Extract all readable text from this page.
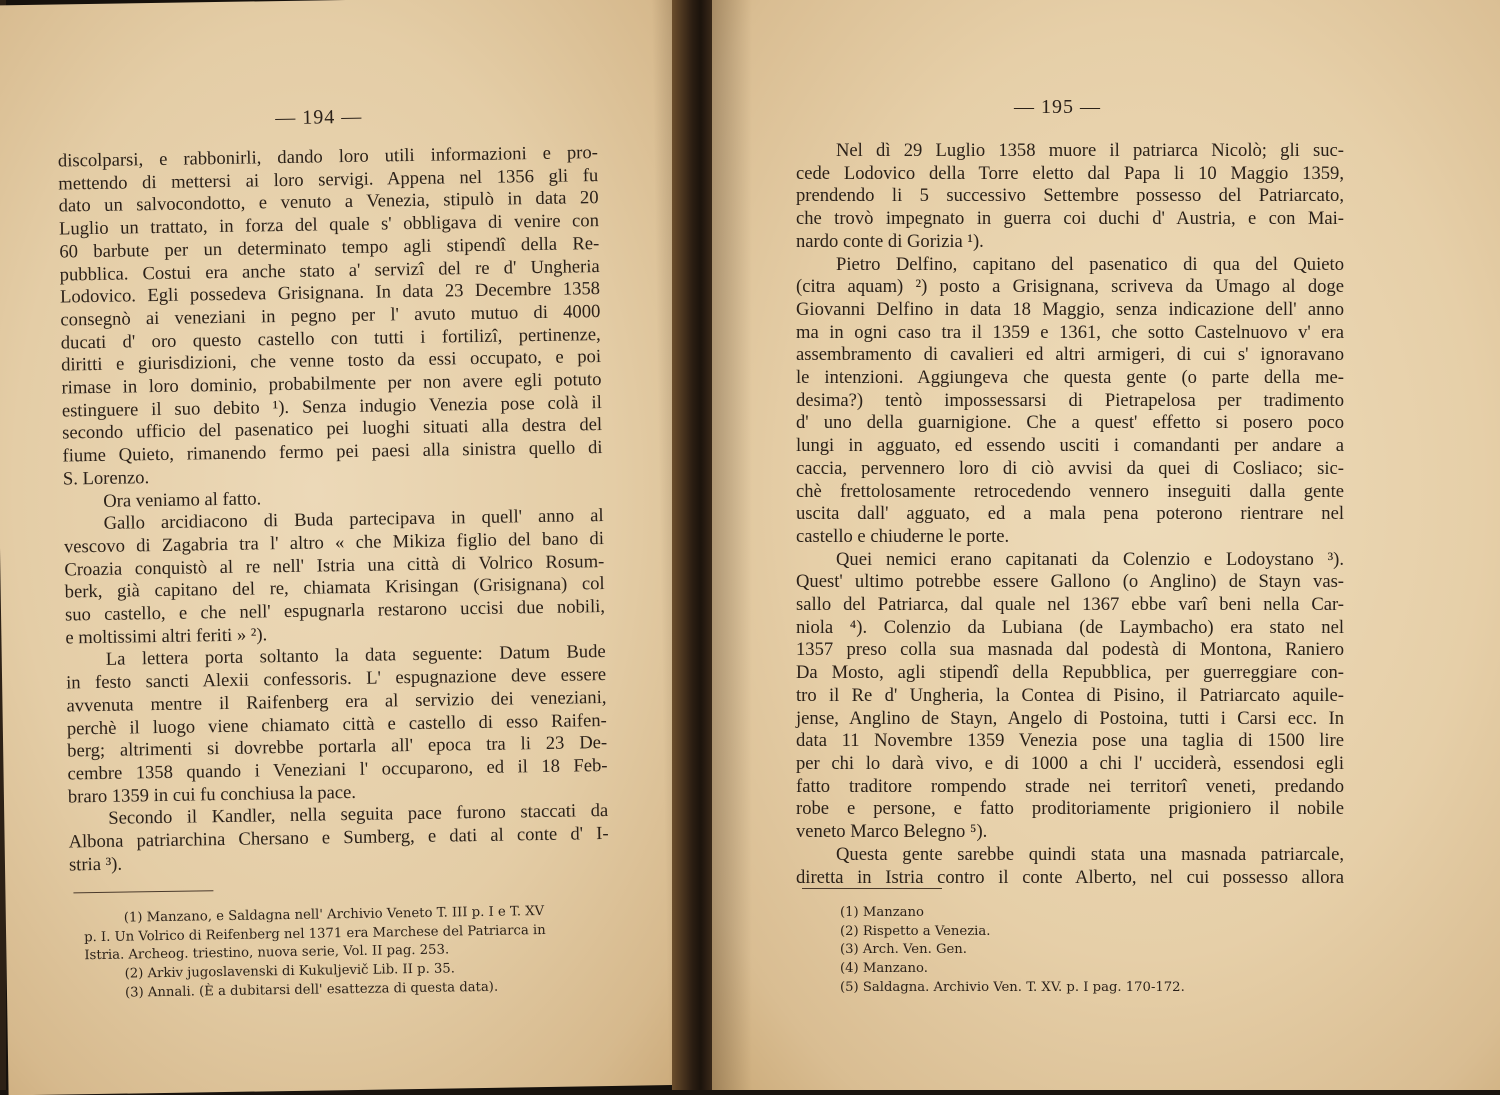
— 194 —
discolparsi, e rabbonirli, dando loro utili informazioni e pro-
mettendo di mettersi ai loro servigi. Appena nel 1356 gli fu
dato un salvocondotto, e venuto a Venezia, stipulò in data 20
Luglio un trattato, in forza del quale s' obbligava di venire con
60 barbute per un determinato tempo agli stipendî della Re-
pubblica. Costui era anche stato a' servizî del re d' Ungheria
Lodovico. Egli possedeva Grisignana. In data 23 Decembre 1358
consegnò ai veneziani in pegno per l' avuto mutuo di 4000
ducati d' oro questo castello con tutti i fortilizî, pertinenze,
diritti e giurisdizioni, che venne tosto da essi occupato, e poi
rimase in loro dominio, probabilmente per non avere egli potuto
estinguere il suo debito ¹). Senza indugio Venezia pose colà il
secondo ufficio del pasenatico pei luoghi situati alla destra del
fiume Quieto, rimanendo fermo pei paesi alla sinistra quello di
S. Lorenzo.
Ora veniamo al fatto.
Gallo arcidiacono di Buda partecipava in quell' anno al
vescovo di Zagabria tra l' altro « che Mikiza figlio del bano di
Croazia conquistò al re nell' Istria una città di Volrico Rosum-
berk, già capitano del re, chiamata Krisingan (Grisignana) col
suo castello, e che nell' espugnarla restarono uccisi due nobili,
e moltissimi altri feriti » ²).
La lettera porta soltanto la data seguente: Datum Bude
in festo sancti Alexii confessoris. L' espugnazione deve essere
avvenuta mentre il Raifenberg era al servizio dei veneziani,
perchè il luogo viene chiamato città e castello di esso Raifen-
berg; altrimenti si dovrebbe portarla all' epoca tra li 23 De-
cembre 1358 quando i Veneziani l' occuparono, ed il 18 Feb-
braro 1359 in cui fu conchiusa la pace.
Secondo il Kandler, nella seguita pace furono staccati da
Albona patriarchina Chersano e Sumberg, e dati al conte d' I-
stria ³).
(1) Manzano, e Saldagna nell' Archivio Veneto T. III p. I e T. XV
p. I. Un Volrico di Reifenberg nel 1371 era Marchese del Patriarca in
Istria. Archeog. triestino, nuova serie, Vol. II pag. 253.
(2) Arkiv jugoslavenski di Kukuljevič Lib. II p. 35.
(3) Annali. (È a dubitarsi dell' esattezza di questa data).
— 195 —
Nel dì 29 Luglio 1358 muore il patriarca Nicolò; gli suc-
cede Lodovico della Torre eletto dal Papa li 10 Maggio 1359,
prendendo li 5 successivo Settembre possesso del Patriarcato,
che trovò impegnato in guerra coi duchi d' Austria, e con Mai-
nardo conte di Gorizia ¹).
Pietro Delfino, capitano del pasenatico di qua del Quieto
(citra aquam) ²) posto a Grisignana, scriveva da Umago al doge
Giovanni Delfino in data 18 Maggio, senza indicazione dell' anno
ma in ogni caso tra il 1359 e 1361, che sotto Castelnuovo v' era
assembramento di cavalieri ed altri armigeri, di cui s' ignoravano
le intenzioni. Aggiungeva che questa gente (o parte della me-
desima?) tentò impossessarsi di Pietrapelosa per tradimento
d' uno della guarnigione. Che a quest' effetto si posero poco
lungi in agguato, ed essendo usciti i comandanti per andare a
caccia, pervennero loro di ciò avvisi da quei di Cosliaco; sic-
chè frettolosamente retrocedendo vennero inseguiti dalla gente
uscita dall' agguato, ed a mala pena poterono rientrare nel
castello e chiuderne le porte.
Quei nemici erano capitanati da Colenzio e Lodoystano ³).
Quest' ultimo potrebbe essere Gallono (o Anglino) de Stayn vas-
sallo del Patriarca, dal quale nel 1367 ebbe varî beni nella Car-
niola ⁴). Colenzio da Lubiana (de Laymbacho) era stato nel
1357 preso colla sua masnada dal podestà di Montona, Raniero
Da Mosto, agli stipendî della Repubblica, per guerreggiare con-
tro il Re d' Ungheria, la Contea di Pisino, il Patriarcato aquile-
jense, Anglino de Stayn, Angelo di Postoina, tutti i Carsi ecc. In
data 11 Novembre 1359 Venezia pose una taglia di 1500 lire
per chi lo darà vivo, e di 1000 a chi l' ucciderà, essendosi egli
fatto traditore rompendo strade nei territorî veneti, predando
robe e persone, e fatto proditoriamente prigioniero il nobile
veneto Marco Belegno ⁵).
Questa gente sarebbe quindi stata una masnada patriarcale,
diretta in Istria contro il conte Alberto, nel cui possesso allora
(1) Manzano
(2) Rispetto a Venezia.
(3) Arch. Ven. Gen.
(4) Manzano.
(5) Saldagna. Archivio Ven. T. XV. p. I pag. 170-172.
